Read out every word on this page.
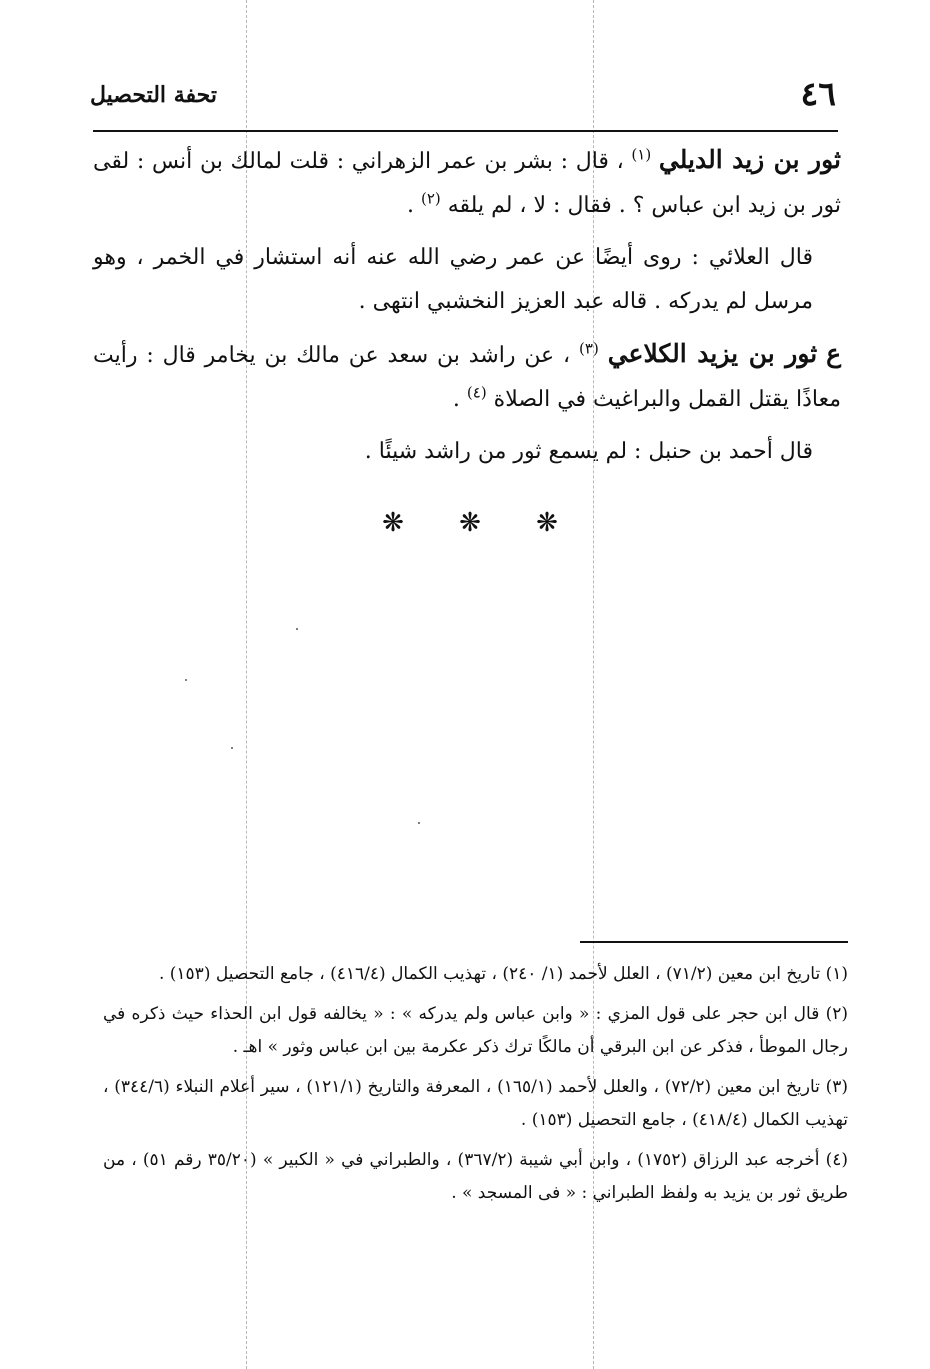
٤٦
تحفة التحصيل

ثور بن زيد الديلي $^{(١)}$ ، قال : بشر بن عمر الزهراني : قلت لمالك بن أنس : لقى ثور بن زيد ابن عباس ؟ . فقال : لا ، لم يلقه $^{(٢)}$ .

قال العلائي : روى أيضًا عن عمر رضي الله عنه أنه استشار في الخمر ، وهو مرسل لم يدركه . قاله عبد العزيز النخشبي انتهى .

ع ثور بن يزيد الكلاعي $^{(٣)}$ ، عن راشد بن سعد عن مالك بن يخامر قال : رأيت معاذًا يقتل القمل والبراغيث في الصلاة $^{(٤)}$ .

قال أحمد بن حنبل : لم يسمع ثور من راشد شيئًا .

❋ ❋ ❋

(١) تاريخ ابن معين (٧١/٢) ، العلل لأحمد (١/ ٢٤٠) ، تهذيب الكمال (٤١٦/٤) ، جامع التحصيل (١٥٣) .

(٢) قال ابن حجر على قول المزي : « وابن عباس ولم يدركه » : « يخالفه قول ابن الحذاء حيث ذكره في رجال الموطأ ، فذكر عن ابن البرقي أن مالكًا ترك ذكر عكرمة بين ابن عباس وثور » اهـ .

(٣) تاريخ ابن معين (٧٢/٢) ، والعلل لأحمد (١٦٥/١) ، المعرفة والتاريخ (١٢١/١) ، سير أعلام النبلاء (٣٤٤/٦) ، تهذيب الكمال (٤١٨/٤) ، جامع التحصيل (١٥٣) .

(٤) أخرجه عبد الرزاق (١٧٥٢) ، وابن أبي شيبة (٣٦٧/٢) ، والطبراني في « الكبير » (٣٥/٢٠ رقم ٥١) ، من طريق ثور بن يزيد به ولفظ الطبراني : « فى المسجد » .
